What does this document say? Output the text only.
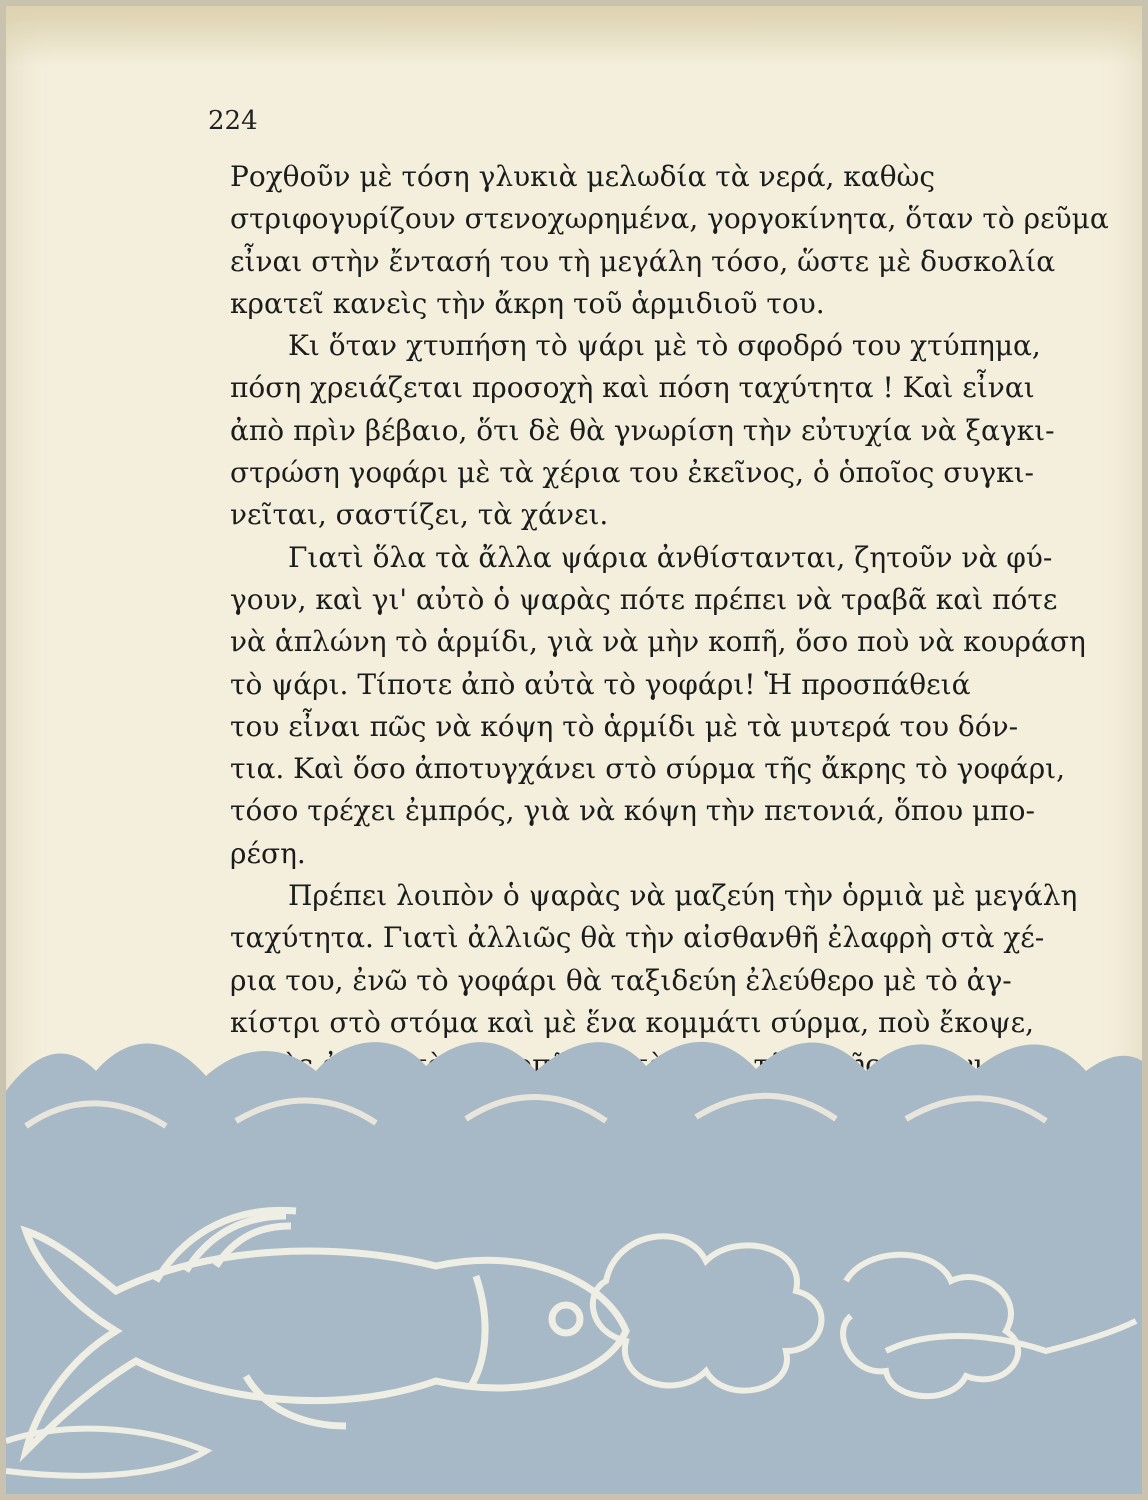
224
Ροχθοῦν μὲ τόση γλυκιὰ μελωδία τὰ νερά, καθὼς
στριφογυρίζουν στενοχωρημένα, γοργοκίνητα, ὅταν τὸ ρεῦμα
εἶναι στὴν ἔντασή του τὴ μεγάλη τόσο, ὥστε μὲ δυσκολία
κρατεῖ κανεὶς τὴν ἄκρη τοῦ ἁρμιδιοῦ του.
Κι ὅταν χτυπήση τὸ ψάρι μὲ τὸ σφοδρό του χτύπημα,
πόση χρειάζεται προσοχὴ καὶ πόση ταχύτητα ! Καὶ εἶναι
ἀπὸ πρὶν βέβαιο, ὅτι δὲ θὰ γνωρίση τὴν εὐτυχία νὰ ξαγκι-
στρώση γοφάρι μὲ τὰ χέρια του ἐκεῖνος, ὁ ὁποῖος συγκι-
νεῖται, σαστίζει, τὰ χάνει.
Γιατὶ ὅλα τὰ ἄλλα ψάρια ἀνθίστανται, ζητοῦν νὰ φύ-
γουν, καὶ γι' αὐτὸ ὁ ψαρὰς πότε πρέπει νὰ τραβᾶ καὶ πότε
νὰ ἁπλώνη τὸ ἁρμίδι, γιὰ νὰ μὴν κοπῆ, ὅσο ποὺ νὰ κουράση
τὸ ψάρι. Τίποτε ἀπὸ αὐτὰ τὸ γοφάρι! Ἡ προσπάθειά
του εἶναι πῶς νὰ κόψη τὸ ἁρμίδι μὲ τὰ μυτερά του δόν-
τια. Καὶ ὅσο ἀποτυγχάνει στὸ σύρμα τῆς ἄκρης τὸ γοφάρι,
τόσο τρέχει ἐμπρός, γιὰ νὰ κόψη τὴν πετονιά, ὅπου μπο-
ρέση.
Πρέπει λοιπὸν ὁ ψαρὰς νὰ μαζεύη τὴν ὁρμιὰ μὲ μεγάλη
ταχύτητα. Γιατὶ ἀλλιῶς θὰ τὴν αἰσθανθῆ ἐλαφρὴ στὰ χέ-
ρια του, ἐνῶ τὸ γοφάρι θὰ ταξιδεύη ἐλεύθερο μὲ τὸ ἀγ-
κίστρι στὸ στόμα καὶ μὲ ἕνα κομμάτι σύρμα, ποὺ ἔκοψε,
